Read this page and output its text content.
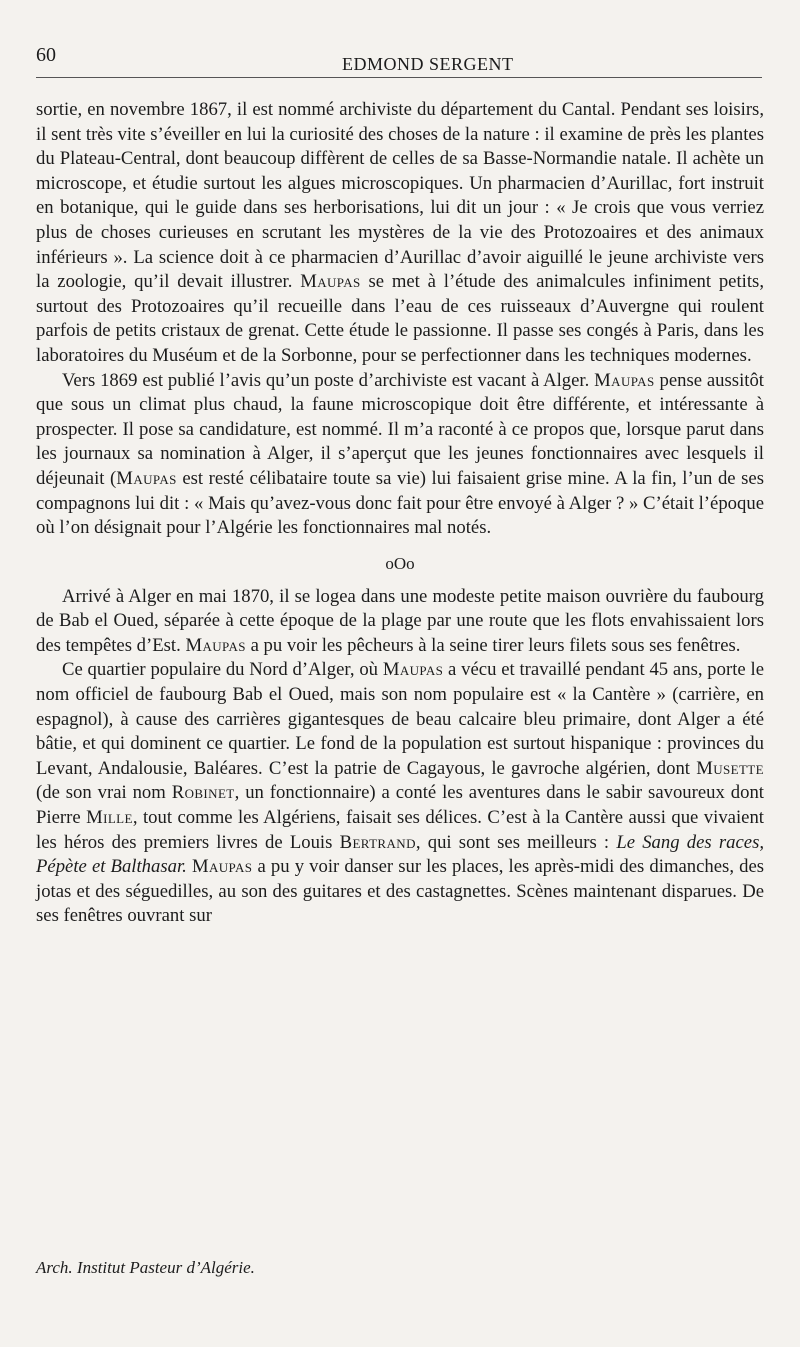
60	EDMOND SERGENT

sortie, en novembre 1867, il est nommé archiviste du département du Cantal. Pendant ses loisirs, il sent très vite s’éveiller en lui la curiosité des choses de la nature : il examine de près les plantes du Plateau-Central, dont beaucoup diffèrent de celles de sa Basse-Normandie natale. Il achète un microscope, et étudie surtout les algues microscopiques. Un pharmacien d’Aurillac, fort instruit en botanique, qui le guide dans ses herborisations, lui dit un jour : « Je crois que vous verriez plus de choses curieuses en scrutant les mystères de la vie des Protozoaires et des animaux inférieurs ». La science doit à ce pharmacien d’Aurillac d’avoir aiguillé le jeune archiviste vers la zoologie, qu’il devait illustrer. Maupas se met à l’étude des animalcules infiniment petits, surtout des Protozoaires qu’il recueille dans l’eau de ces ruisseaux d’Auvergne qui roulent parfois de petits cristaux de grenat. Cette étude le passionne. Il passe ses congés à Paris, dans les laboratoires du Muséum et de la Sorbonne, pour se perfectionner dans les techniques modernes.

Vers 1869 est publié l’avis qu’un poste d’archiviste est vacant à Alger. Maupas pense aussitôt que sous un climat plus chaud, la faune microscopique doit être différente, et intéressante à prospecter. Il pose sa candidature, est nommé. Il m’a raconté à ce propos que, lorsque parut dans les journaux sa nomination à Alger, il s’aperçut que les jeunes fonctionnaires avec lesquels il déjeunait (Maupas est resté célibataire toute sa vie) lui faisaient grise mine. A la fin, l’un de ses compagnons lui dit : « Mais qu’avez-vous donc fait pour être envoyé à Alger ? » C’était l’époque où l’on désignait pour l’Algérie les fonctionnaires mal notés.

oOo

Arrivé à Alger en mai 1870, il se logea dans une modeste petite maison ouvrière du faubourg de Bab el Oued, séparée à cette époque de la plage par une route que les flots envahissaient lors des tempêtes d’Est. Maupas a pu voir les pêcheurs à la seine tirer leurs filets sous ses fenêtres.

Ce quartier populaire du Nord d’Alger, où Maupas a vécu et travaillé pendant 45 ans, porte le nom officiel de faubourg Bab el Oued, mais son nom populaire est « la Cantère » (carrière, en espagnol), à cause des carrières gigantesques de beau calcaire bleu primaire, dont Alger a été bâtie, et qui dominent ce quartier. Le fond de la population est surtout hispanique : provinces du Levant, Andalousie, Baléares. C’est la patrie de Cagayous, le gavroche algérien, dont Musette (de son vrai nom Robinet, un fonctionnaire) a conté les aventures dans le sabir savoureux dont Pierre Mille, tout comme les Algériens, faisait ses délices. C’est à la Cantère aussi que vivaient les héros des premiers livres de Louis Bertrand, qui sont ses meilleurs : Le Sang des races, Pépète et Balthasar. Maupas a pu y voir danser sur les places, les après-midi des dimanches, des jotas et des séguedilles, au son des guitares et des castagnettes. Scènes maintenant disparues. De ses fenêtres ouvrant sur

Arch. Institut Pasteur d’Algérie.
